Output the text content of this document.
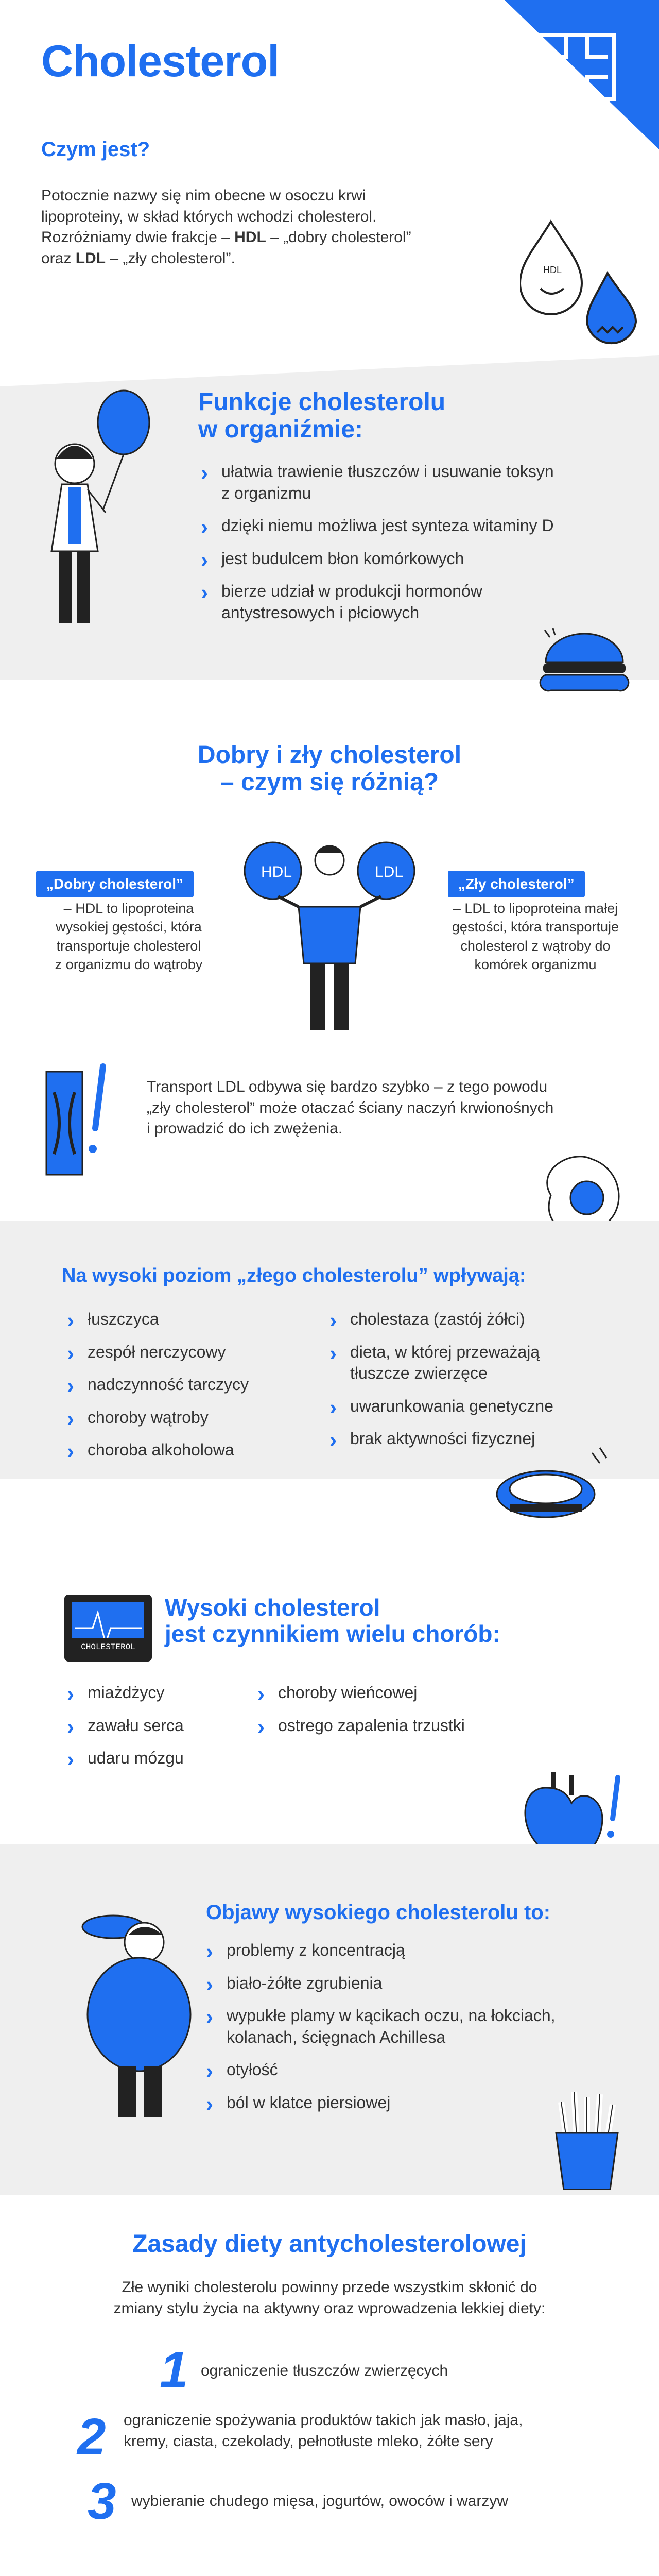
Cholesterol
CERTUS
Czym jest?
Potocznie nazwy się nim obecne w osoczu krwi
lipoproteiny, w skład których wchodzi cholesterol.
Rozróżniamy dwie frakcje – HDL – „dobry cholesterol”
oraz LDL – „zły cholesterol”.
HDL
Funkcje cholesterolu
w organiźmie:
› ułatwia trawienie tłuszczów i usuwanie toksyn
z organizmu
› dzięki niemu możliwa jest synteza witaminy D
› jest budulcem błon komórkowych
› bierze udział w produkcji hormonów
antystresowych i płciowych
Dobry i zły cholesterol
– czym się różnią?
„Dobry cholesterol”
– HDL to lipoproteina
wysokiej gęstości, która
transportuje cholesterol
z organizmu do wątroby
„Zły cholesterol”
– LDL to lipoproteina małej
gęstości, która transportuje
cholesterol z wątroby do
komórek organizmu
HDL	LDL
Transport LDL odbywa się bardzo szybko – z tego powodu
„zły cholesterol” może otaczać ściany naczyń krwionośnych
i prowadzić do ich zwężenia.
Na wysoki poziom „złego cholesterolu” wpływają:
› łuszczyca
› zespół nerczycowy
› nadczynność tarczycy
› choroby wątroby
› choroba alkoholowa
› cholestaza (zastój żółci)
› dieta, w której przeważają
tłuszcze zwierzęce
› uwarunkowania genetyczne
› brak aktywności fizycznej
CHOLESTEROL
Wysoki cholesterol
jest czynnikiem wielu chorób:
› miażdżycy
› zawału serca
› udaru mózgu
› choroby wieńcowej
› ostrego zapalenia trzustki
Objawy wysokiego cholesterolu to:
› problemy z koncentracją
› biało-żółte zgrubienia
› wypukłe plamy w kącikach oczu, na łokciach,
kolanach, ścięgnach Achillesa
› otyłość
› ból w klatce piersiowej
Zasady diety antycholesterolowej
Złe wyniki cholesterolu powinny przede wszystkim skłonić do
zmiany stylu życia na aktywny oraz wprowadzenia lekkiej diety:
1 ograniczenie tłuszczów zwierzęcych
2 ograniczenie spożywania produktów takich jak masło, jaja,
kremy, ciasta, czekolady, pełnotłuste mleko, żółte sery
3 wybieranie chudego mięsa, jogurtów, owoców i warzyw
